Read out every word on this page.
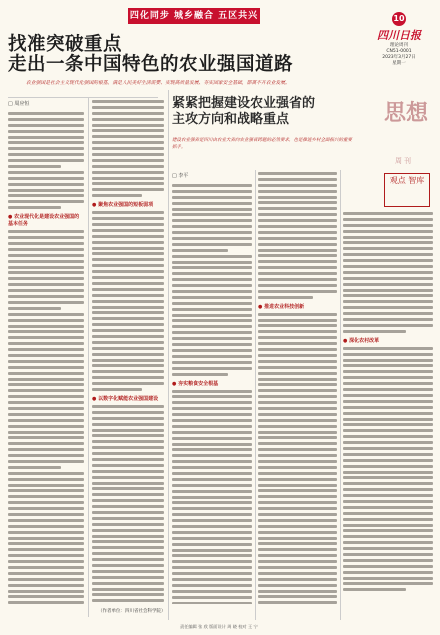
四化同步 城乡融合 五区共兴	10
四川日报
理论周刊
CN51-0001
2023年3月27日
星期一
找准突破重点
走出一条中国特色的农业强国道路
农业强国是社会主义现代化强国的根基，满足人民美好生活需要、实现高质量发展、夯实国家安全基础，都离不开农业发展。
□ 周应恒
● 农业现代化是建设农业强国的基本任务
● 聚焦农业强国的短板弱项
● 以数字化赋能农业强国建设
紧紧把握建设农业强省的
主攻方向和战略重点
建设农业强省是四川由农业大省向农业强省跨越的必然要求，也是推进乡村全面振兴的重要抓手。
思想
周刊
观点 智库
□ 李平
● 夯实粮食安全根基
● 推进农业科技创新
● 深化农村改革
（作者单位：四川省社会科学院）
责任编辑 张 欣 版面设计 周 晓 校对 王 宁
